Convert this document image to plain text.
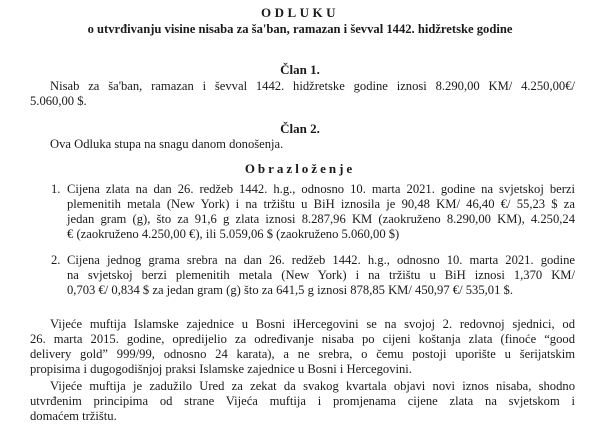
ODLUKU
o utvrđivanju visine nisaba za ša'ban, ramazan i ševval 1442. hidžretske godine
Član 1.
Nisab za ša'ban, ramazan i ševval 1442. hidžretske godine iznosi 8.290,00 KM/ 4.250,00€/
5.060,00 $.
Član 2.
Ova Odluka stupa na snagu danom donošenja.
Obrazloženje
1. Cijena zlata na dan 26. redžeb 1442. h.g., odnosno 10. marta 2021. godine na svjetskoj berzi
plemenitih metala (New York) i na tržištu u BiH iznosila je 90,48 KM/ 46,40 €/ 55,23 $ za
jedan gram (g), što za 91,6 g zlata iznosi 8.287,96 KM (zaokruženo 8.290,00 KM), 4.250,24
€ (zaokruženo 4.250,00 €), ili 5.059,06 $ (zaokruženo 5.060,00 $)
2. Cijena jednog grama srebra na dan 26. redžeb 1442. h.g., odnosno 10. marta 2021. godine
na svjetskoj berzi plemenitih metala (New York) i na tržištu u BiH iznosi 1,370 KM/
0,703 €/ 0,834 $ za jedan gram (g) što za 641,5 g iznosi 878,85 KM/ 450,97 €/ 535,01 $.
Vijeće muftija Islamske zajednice u Bosni iHercegovini se na svojoj 2. redovnoj sjednici, od
26. marta 2015. godine, opredijelio za određivanje nisaba po cijeni koštanja zlata (finoće “good
delivery gold” 999/99, odnosno 24 karata), a ne srebra, o čemu postoji uporište u šerijatskim
propisima i dugogodišnjoj praksi Islamske zajednice u Bosni i Hercegovini.
Vijeće muftija je zadužilo Ured za zekat da svakog kvartala objavi novi iznos nisaba, shodno
utvrđenim principima od strane Vijeća muftija i promjenama cijene zlata na svjetskom i
domaćem tržištu.
